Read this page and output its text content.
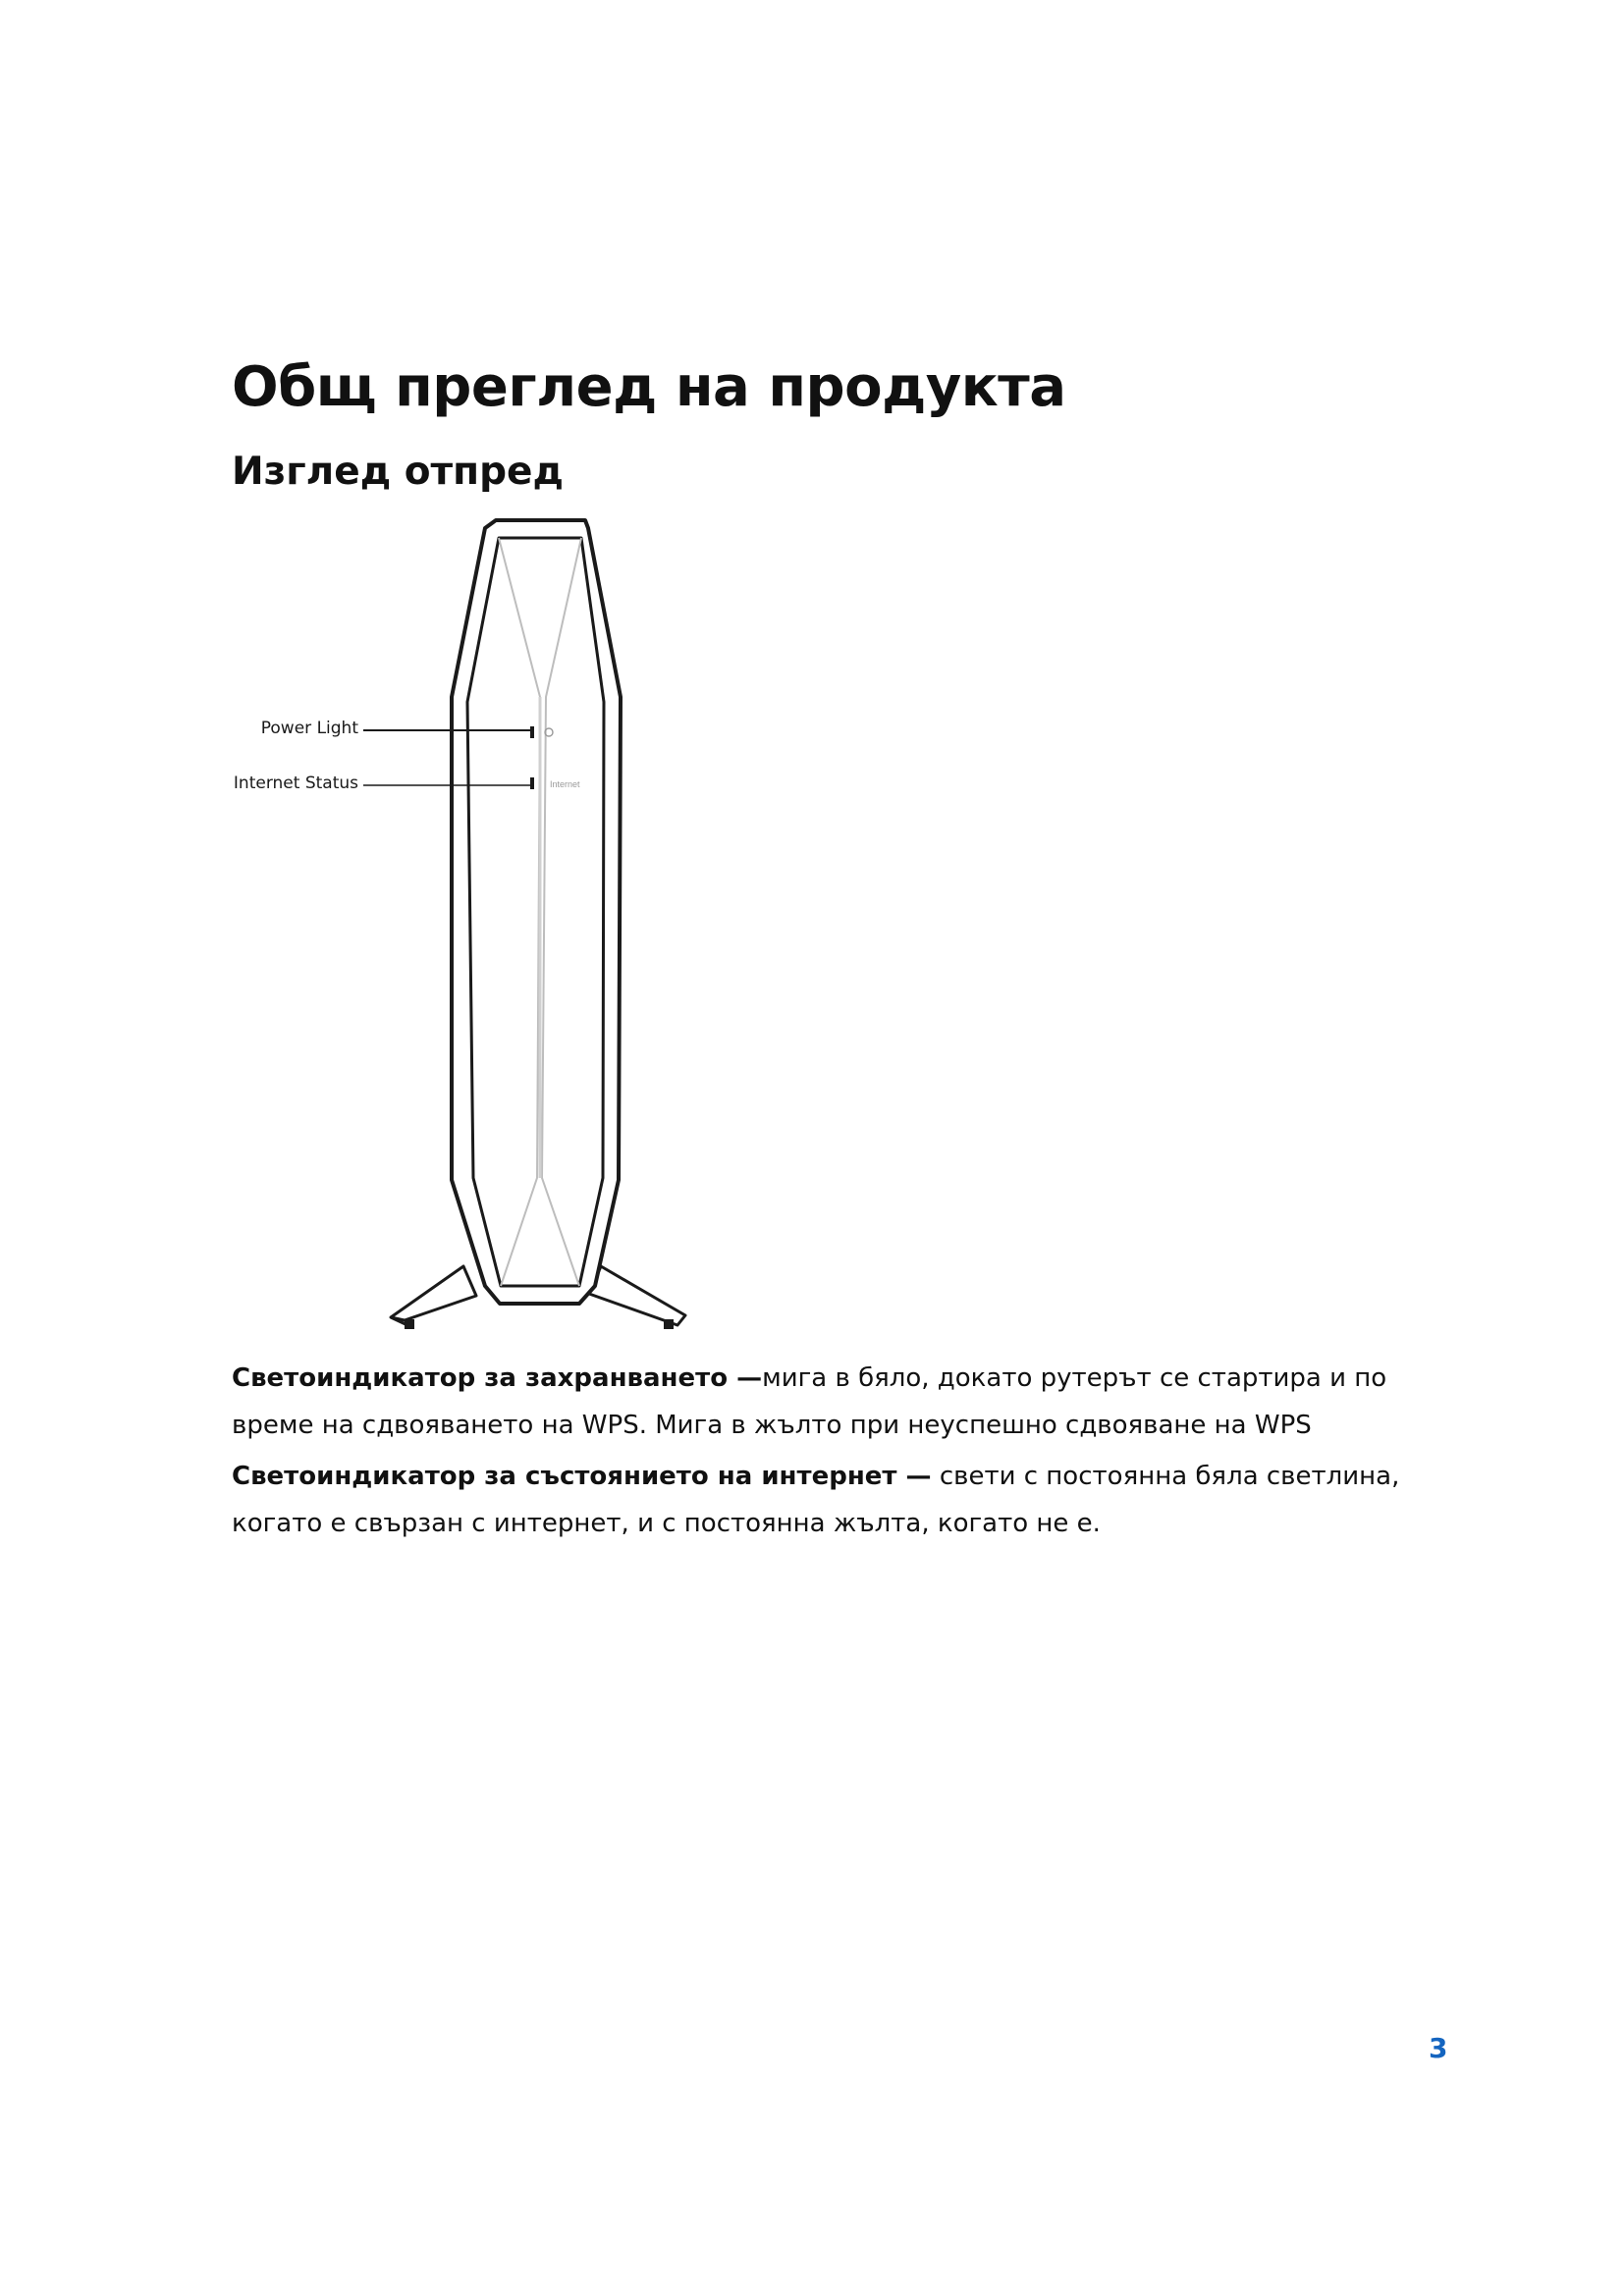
Общ преглед на продукта
Изглед отпред
Internet
Power Light
Internet Status

Светоиндикатор за захранването —мига в бяло, докато рутерът се стартира и по време на сдвояването на WPS. Мига в жълто при неуспешно сдвояване на WPS

Светоиндикатор за състоянието на интернет — свети с постоянна бяла светлина, когато е свързан с интернет, и с постоянна жълта, когато не е.

3
